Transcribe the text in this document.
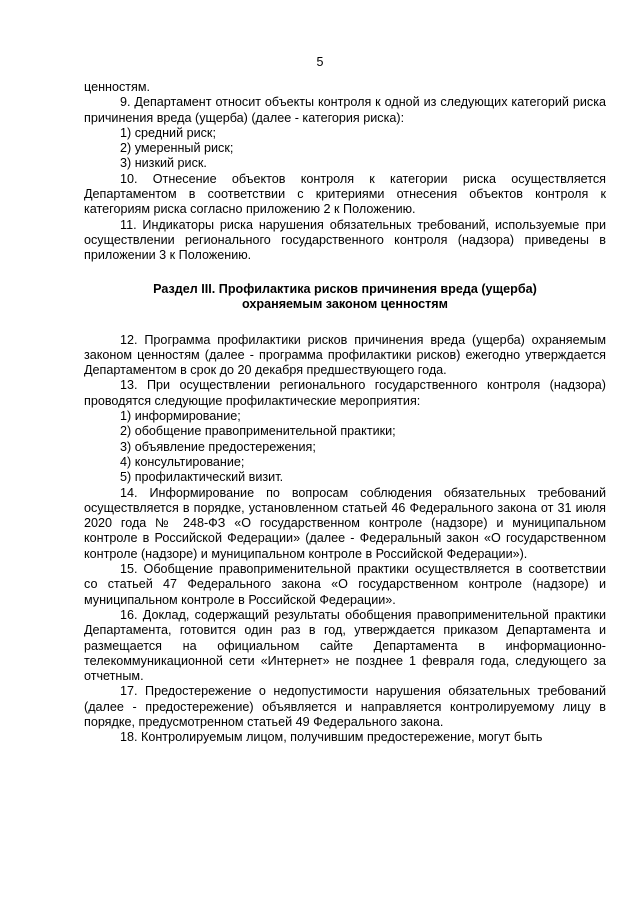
5

ценностям.

9. Департамент относит объекты контроля к одной из следующих категорий риска причинения вреда (ущерба) (далее - категория риска):

1) средний риск;

2) умеренный риск;

3) низкий риск.

10. Отнесение объектов контроля к категории риска осуществляется Департаментом в соответствии с критериями отнесения объектов контроля к категориям риска согласно приложению 2 к Положению.

11. Индикаторы риска нарушения обязательных требований, используемые при осуществлении регионального государственного контроля (надзора) приведены в приложении 3 к Положению.

Раздел III. Профилактика рисков причинения вреда (ущерба)
охраняемым законом ценностям

12. Программа профилактики рисков причинения вреда (ущерба) охраняемым законом ценностям (далее - программа профилактики рисков) ежегодно утверждается Департаментом в срок до 20 декабря предшествующего года.

13. При осуществлении регионального государственного контроля (надзора) проводятся следующие профилактические мероприятия:

1) информирование;

2) обобщение правоприменительной практики;

3) объявление предостережения;

4) консультирование;

5) профилактический визит.

14. Информирование по вопросам соблюдения обязательных требований осуществляется в порядке, установленном статьей 46 Федерального закона от 31 июля 2020 года № 248-ФЗ «О государственном контроле (надзоре) и муниципальном контроле в Российской Федерации» (далее - Федеральный закон «О государственном контроле (надзоре) и муниципальном контроле в Российской Федерации»).

15. Обобщение правоприменительной практики осуществляется в соответствии со статьей 47 Федерального закона «О государственном контроле (надзоре) и муниципальном контроле в Российской Федерации».

16. Доклад, содержащий результаты обобщения правоприменительной практики Департамента, готовится один раз в год, утверждается приказом Департамента и размещается на официальном сайте Департамента в информационно-телекоммуникационной сети «Интернет» не позднее 1 февраля года, следующего за отчетным.

17. Предостережение о недопустимости нарушения обязательных требований (далее - предостережение) объявляется и направляется контролируемому лицу в порядке, предусмотренном статьей 49 Федерального закона.

18. Контролируемым лицом, получившим предостережение, могут быть
